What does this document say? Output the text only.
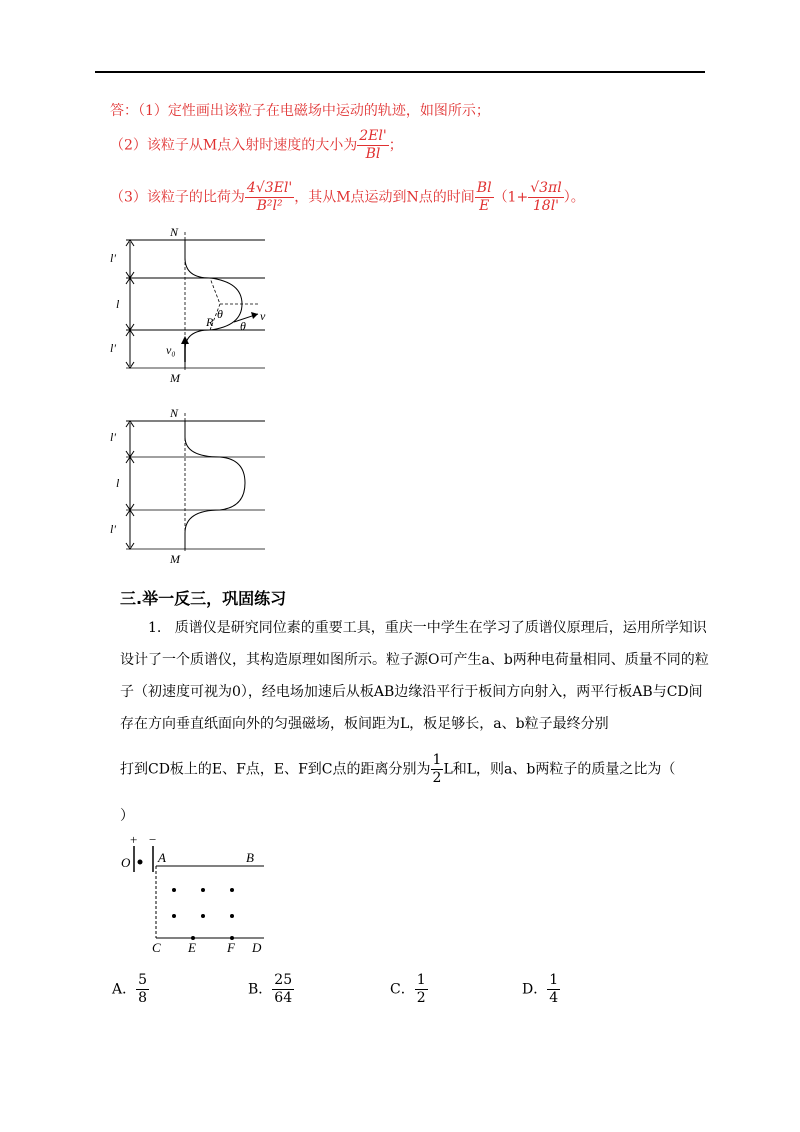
答：（1）定性画出该粒子在电磁场中运动的轨迹，如图所示；
（2）该粒子从M点入射时速度的大小为 $\frac{2El'}{Bl}$ ；
（3）该粒子的比荷为 $\frac{4√3El'}{\text{B²l²}}$ ，其从M点运动到N点的时间 $\frac{Bl}{E} (1+ \frac{√3\pi l}{18l'}$ ）。
N
M
l'
l
l'
R
θ
θ
v
v₀
N
M
l'
l
l'
三.举一反三，巩固练习
1. 质谱仪是研究同位素的重要工具，重庆一中学生在学习了质谱仪原理后，运用所学知识设计了一个质谱仪，其构造原理如图所示。粒子源O可产生a、b两种电荷量相同、质量不同的粒子（初速度可视为0），经电场加速后从板AB边缘沿平行于板间方向射入，两平行板AB与CD间存在方向垂直纸面向外的匀强磁场，板间距为L，板足够长，a、b粒子最终分别
打到CD板上的E、F点，E、F到C点的距离分别为 $\frac{1}{2}$ L和L，则a、b两粒子的质量之比为（
）
+ −
O A	B
C E F D
A． $\frac{5}{8}$	B． $\frac{25}{64}$	C． $\frac{1}{2}$	D． $\frac{1}{4}$
